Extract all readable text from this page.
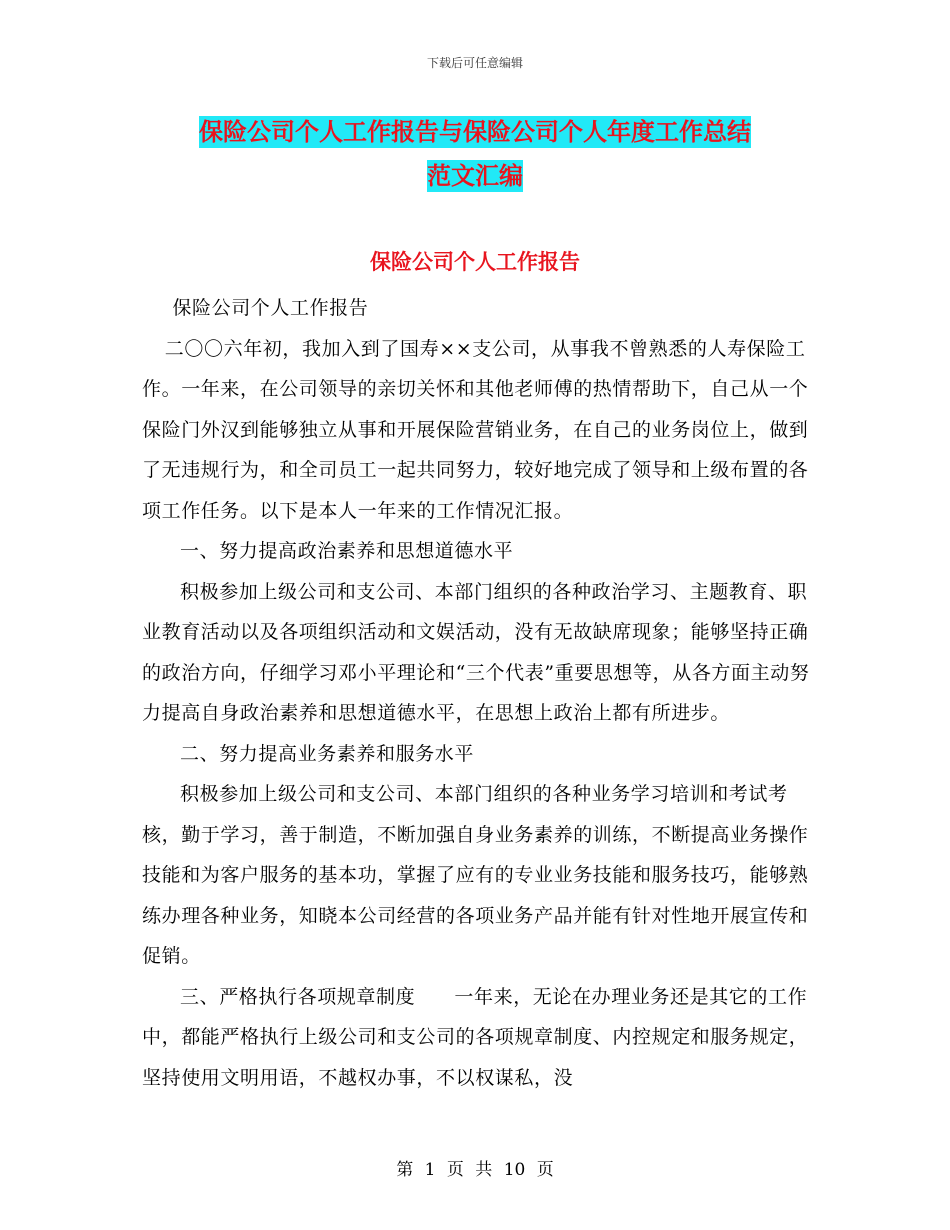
下载后可任意编辑
保险公司个人工作报告与保险公司个人年度工作总结
范文汇编
保险公司个人工作报告

保险公司个人工作报告

二〇〇六年初，我加入到了国寿××支公司，从事我不曾熟悉的人寿保险工作。一年来，在公司领导的亲切关怀和其他老师傅的热情帮助下，自己从一个保险门外汉到能够独立从事和开展保险营销业务，在自己的业务岗位上，做到了无违规行为，和全司员工一起共同努力，较好地完成了领导和上级布置的各项工作任务。以下是本人一年来的工作情况汇报。

一、努力提高政治素养和思想道德水平

积极参加上级公司和支公司、本部门组织的各种政治学习、主题教育、职业教育活动以及各项组织活动和文娱活动，没有无故缺席现象；能够坚持正确的政治方向，仔细学习邓小平理论和“三个代表”重要思想等，从各方面主动努力提高自身政治素养和思想道德水平，在思想上政治上都有所进步。

二、努力提高业务素养和服务水平

积极参加上级公司和支公司、本部门组织的各种业务学习培训和考试考核，勤于学习，善于制造，不断加强自身业务素养的训练，不断提高业务操作技能和为客户服务的基本功，掌握了应有的专业业务技能和服务技巧，能够熟练办理各种业务，知晓本公司经营的各项业务产品并能有针对性地开展宣传和促销。

三、严格执行各项规章制度　　一年来，无论在办理业务还是其它的工作中，都能严格执行上级公司和支公司的各项规章制度、内控规定和服务规定，坚持使用文明用语，不越权办事，不以权谋私，没

第 1 页 共 10 页
